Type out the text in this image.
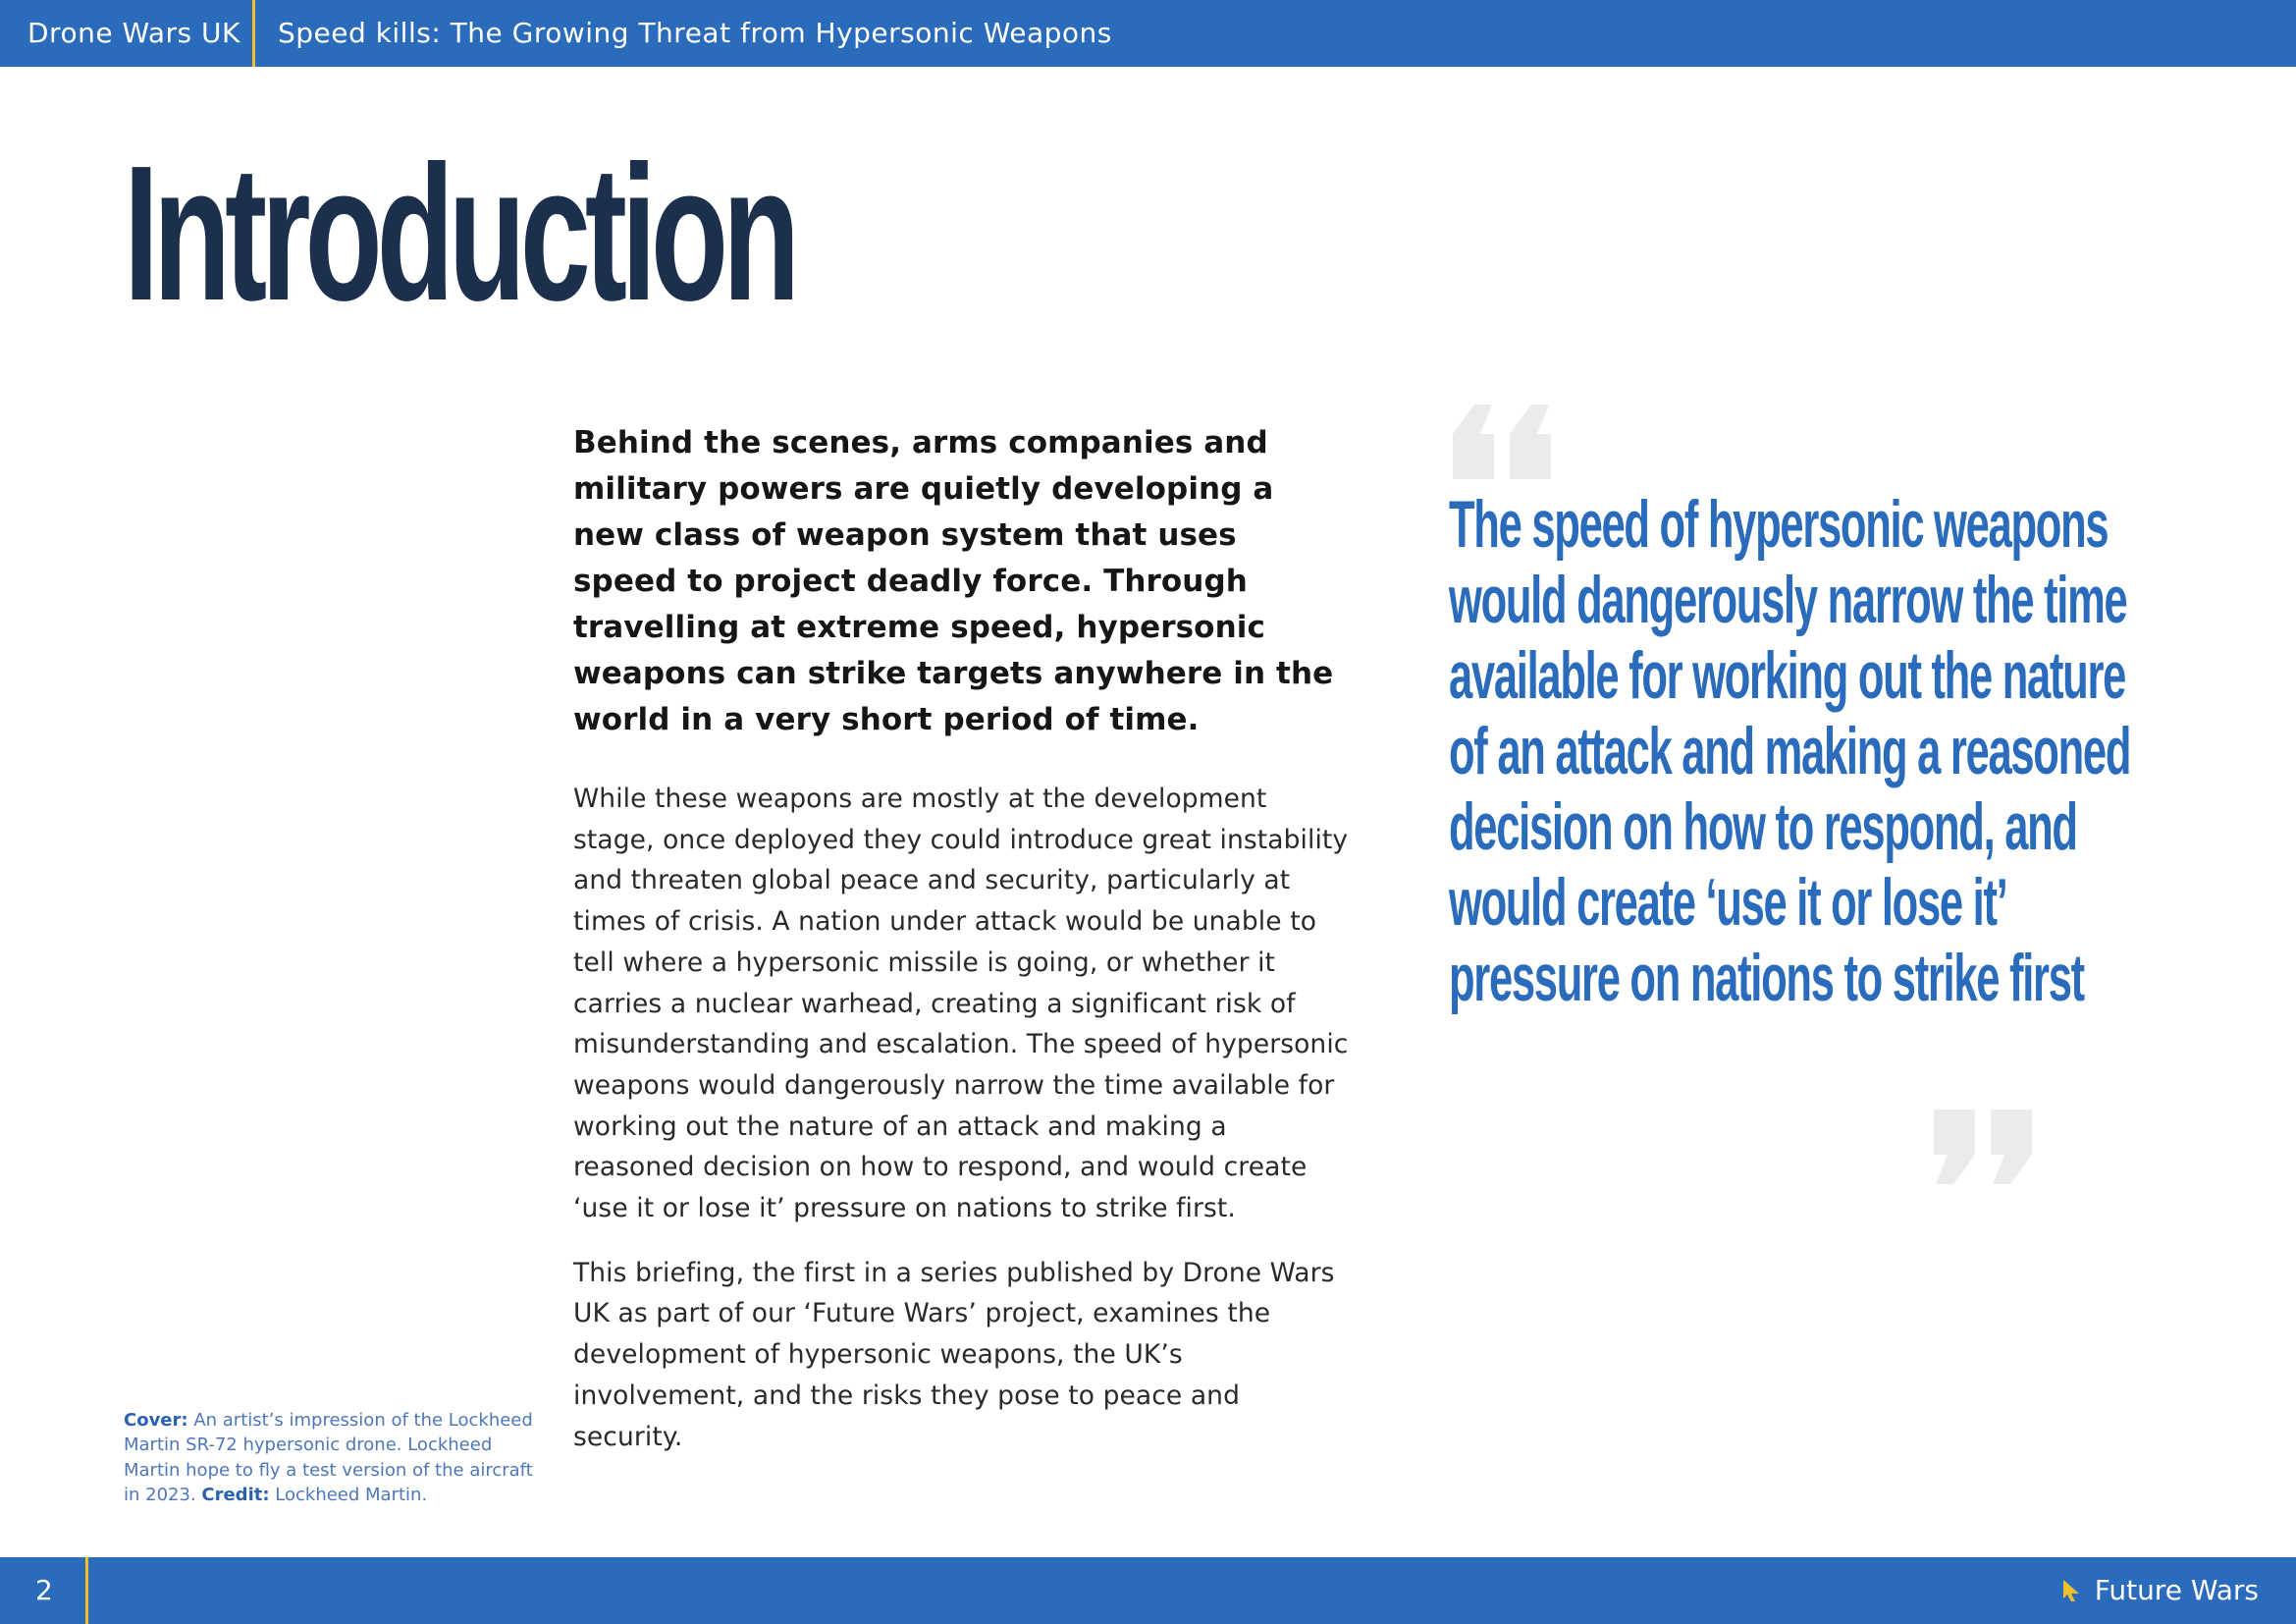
Drone Wars UK Speed kills: The Growing Threat from Hypersonic Weapons
Introduction

Behind the scenes, arms companies and military powers are quietly developing a new class of weapon system that uses speed to project deadly force. Through travelling at extreme speed, hypersonic weapons can strike targets anywhere in the world in a very short period of time.

While these weapons are mostly at the development stage, once deployed they could introduce great instability and threaten global peace and security, particularly at times of crisis. A nation under attack would be unable to tell where a hypersonic missile is going, or whether it carries a nuclear warhead, creating a significant risk of misunderstanding and escalation. The speed of hypersonic weapons would dangerously narrow the time available for working out the nature of an attack and making a reasoned decision on how to respond, and would create ‘use it or lose it’ pressure on nations to strike first.

This briefing, the first in a series published by Drone Wars UK as part of our ‘Future Wars’ project, examines the development of hypersonic weapons, the UK’s involvement, and the risks they pose to peace and security.

The speed of hypersonic weapons would dangerously narrow the time available for working out the nature of an attack and making a reasoned decision on how to respond, and would create ‘use it or lose it’ pressure on nations to strike first

Cover: An artist’s impression of the Lockheed Martin SR-72 hypersonic drone. Lockheed Martin hope to fly a test version of the aircraft in 2023. Credit: Lockheed Martin.

2	Future Wars
